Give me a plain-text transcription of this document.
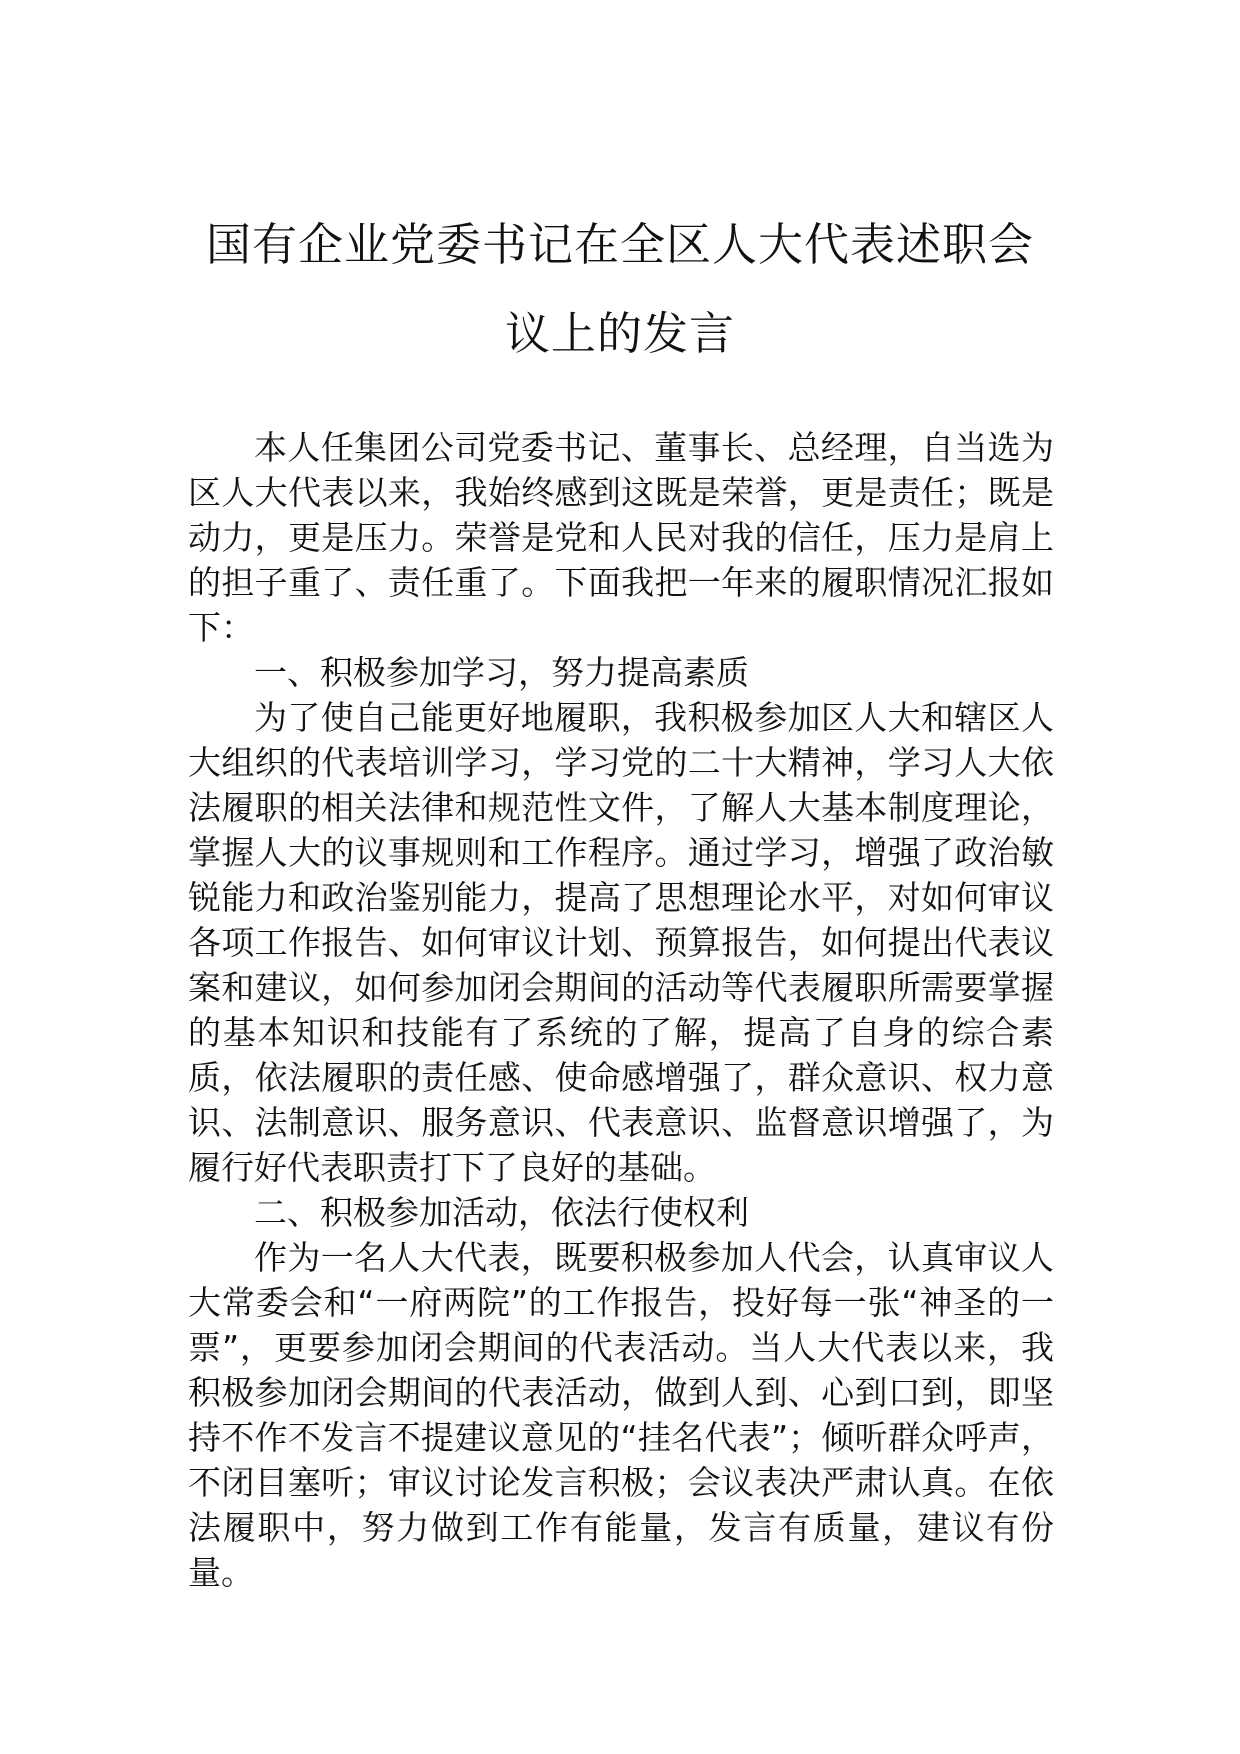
国有企业党委书记在全区人大代表述职会
议上的发言

本人任集团公司党委书记、董事长、总经理，自当选为区人大代表以来，我始终感到这既是荣誉，更是责任；既是动力，更是压力。荣誉是党和人民对我的信任，压力是肩上的担子重了、责任重了。下面我把一年来的履职情况汇报如下：

一、积极参加学习，努力提高素质

为了使自己能更好地履职，我积极参加区人大和辖区人大组织的代表培训学习，学习党的二十大精神，学习人大依法履职的相关法律和规范性文件，了解人大基本制度理论，掌握人大的议事规则和工作程序。通过学习，增强了政治敏锐能力和政治鉴别能力，提高了思想理论水平，对如何审议各项工作报告、如何审议计划、预算报告，如何提出代表议案和建议，如何参加闭会期间的活动等代表履职所需要掌握的基本知识和技能有了系统的了解，提高了自身的综合素质，依法履职的责任感、使命感增强了，群众意识、权力意识、法制意识、服务意识、代表意识、监督意识增强了，为履行好代表职责打下了良好的基础。

二、积极参加活动，依法行使权利

作为一名人大代表，既要积极参加人代会，认真审议人大常委会和“一府两院”的工作报告，投好每一张“神圣的一票”，更要参加闭会期间的代表活动。当人大代表以来，我积极参加闭会期间的代表活动，做到人到、心到口到，即坚持不作不发言不提建议意见的“挂名代表”；倾听群众呼声，不闭目塞听；审议讨论发言积极；会议表决严肃认真。在依法履职中，努力做到工作有能量，发言有质量，建议有份量。
